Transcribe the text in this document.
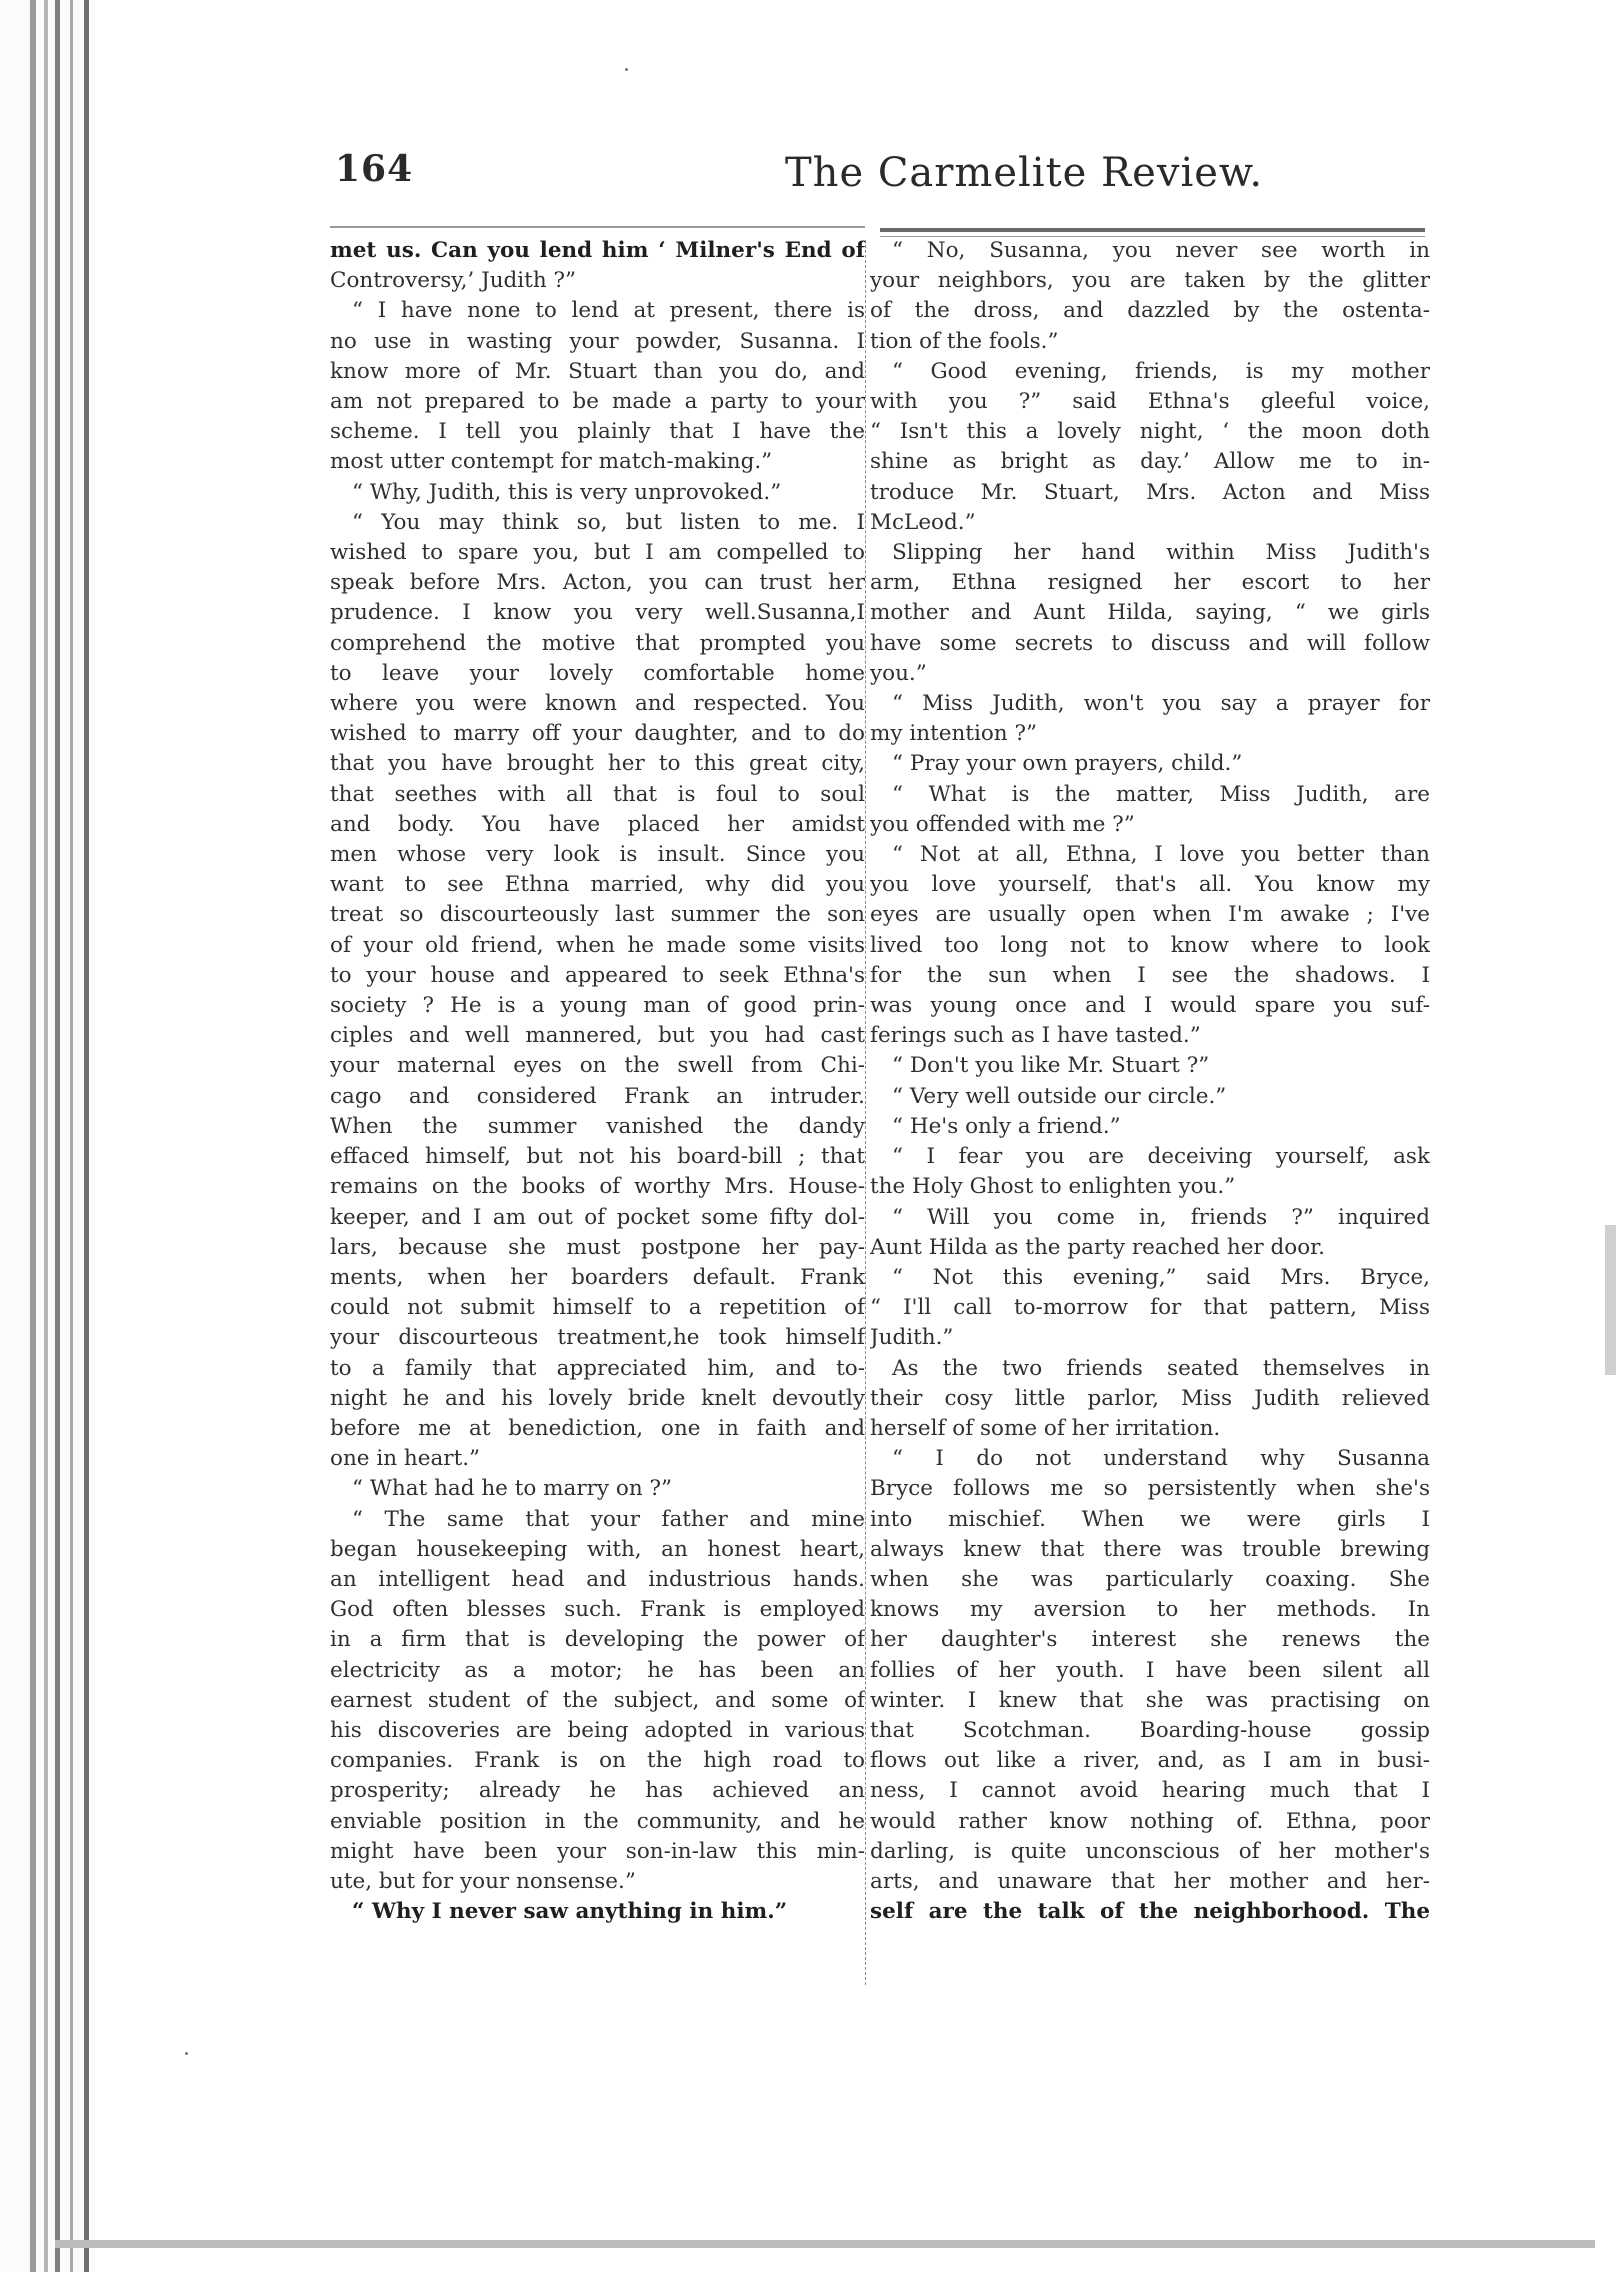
164	The Carmelite Review.
met us. Can you lend him ‘ Milner's End of
Controversy,’ Judith ?”
“ I have none to lend at present, there is
no use in wasting your powder, Susanna. I
know more of Mr. Stuart than you do, and
am not prepared to be made a party to your
scheme. I tell you plainly that I have the
most utter contempt for match-making.”
“ Why, Judith, this is very unprovoked.”
“ You may think so, but listen to me. I
wished to spare you, but I am compelled to
speak before Mrs. Acton, you can trust her
prudence. I know you very well.Susanna,I
comprehend the motive that prompted you
to leave your lovely comfortable home
where you were known and respected. You
wished to marry off your daughter, and to do
that you have brought her to this great city,
that seethes with all that is foul to soul
and body. You have placed her amidst
men whose very look is insult. Since you
want to see Ethna married, why did you
treat so discourteously last summer the son
of your old friend, when he made some visits
to your house and appeared to seek Ethna's
society ? He is a young man of good prin-
ciples and well mannered, but you had cast
your maternal eyes on the swell from Chi-
cago and considered Frank an intruder.
When the summer vanished the dandy
effaced himself, but not his board-bill ; that
remains on the books of worthy Mrs. House-
keeper, and I am out of pocket some fifty dol-
lars, because she must postpone her pay-
ments, when her boarders default. Frank
could not submit himself to a repetition of
your discourteous treatment,he took himself
to a family that appreciated him, and to-
night he and his lovely bride knelt devoutly
before me at benediction, one in faith and
one in heart.”
“ What had he to marry on ?”
“ The same that your father and mine
began housekeeping with, an honest heart,
an intelligent head and industrious hands.
God often blesses such. Frank is employed
in a firm that is developing the power of
electricity as a motor; he has been an
earnest student of the subject, and some of
his discoveries are being adopted in various
companies. Frank is on the high road to
prosperity; already he has achieved an
enviable position in the community, and he
might have been your son-in-law this min-
ute, but for your nonsense.”
“ Why I never saw anything in him.”
“ No, Susanna, you never see worth in
your neighbors, you are taken by the glitter
of the dross, and dazzled by the ostenta-
tion of the fools.”
“ Good evening, friends, is my mother
with you ?” said Ethna's gleeful voice,
“ Isn't this a lovely night, ‘ the moon doth
shine as bright as day.’ Allow me to in-
troduce Mr. Stuart, Mrs. Acton and Miss
McLeod.”
Slipping her hand within Miss Judith's
arm, Ethna resigned her escort to her
mother and Aunt Hilda, saying, “ we girls
have some secrets to discuss and will follow
you.”
“ Miss Judith, won't you say a prayer for
my intention ?”
“ Pray your own prayers, child.”
“ What is the matter, Miss Judith, are
you offended with me ?”
“ Not at all, Ethna, I love you better than
you love yourself, that's all. You know my
eyes are usually open when I'm awake ; I've
lived too long not to know where to look
for the sun when I see the shadows. I
was young once and I would spare you suf-
ferings such as I have tasted.”
“ Don't you like Mr. Stuart ?”
“ Very well outside our circle.”
“ He's only a friend.”
“ I fear you are deceiving yourself, ask
the Holy Ghost to enlighten you.”
“ Will you come in, friends ?” inquired
Aunt Hilda as the party reached her door.
“ Not this evening,” said Mrs. Bryce,
“ I'll call to-morrow for that pattern, Miss
Judith.”
As the two friends seated themselves in
their cosy little parlor, Miss Judith relieved
herself of some of her irritation.
“ I do not understand why Susanna
Bryce follows me so persistently when she's
into mischief. When we were girls I
always knew that there was trouble brewing
when she was particularly coaxing. She
knows my aversion to her methods. In
her daughter's interest she renews the
follies of her youth. I have been silent all
winter. I knew that she was practising on
that Scotchman. Boarding-house gossip
flows out like a river, and, as I am in busi-
ness, I cannot avoid hearing much that I
would rather know nothing of. Ethna, poor
darling, is quite unconscious of her mother's
arts, and unaware that her mother and her-
self are the talk of the neighborhood. The
